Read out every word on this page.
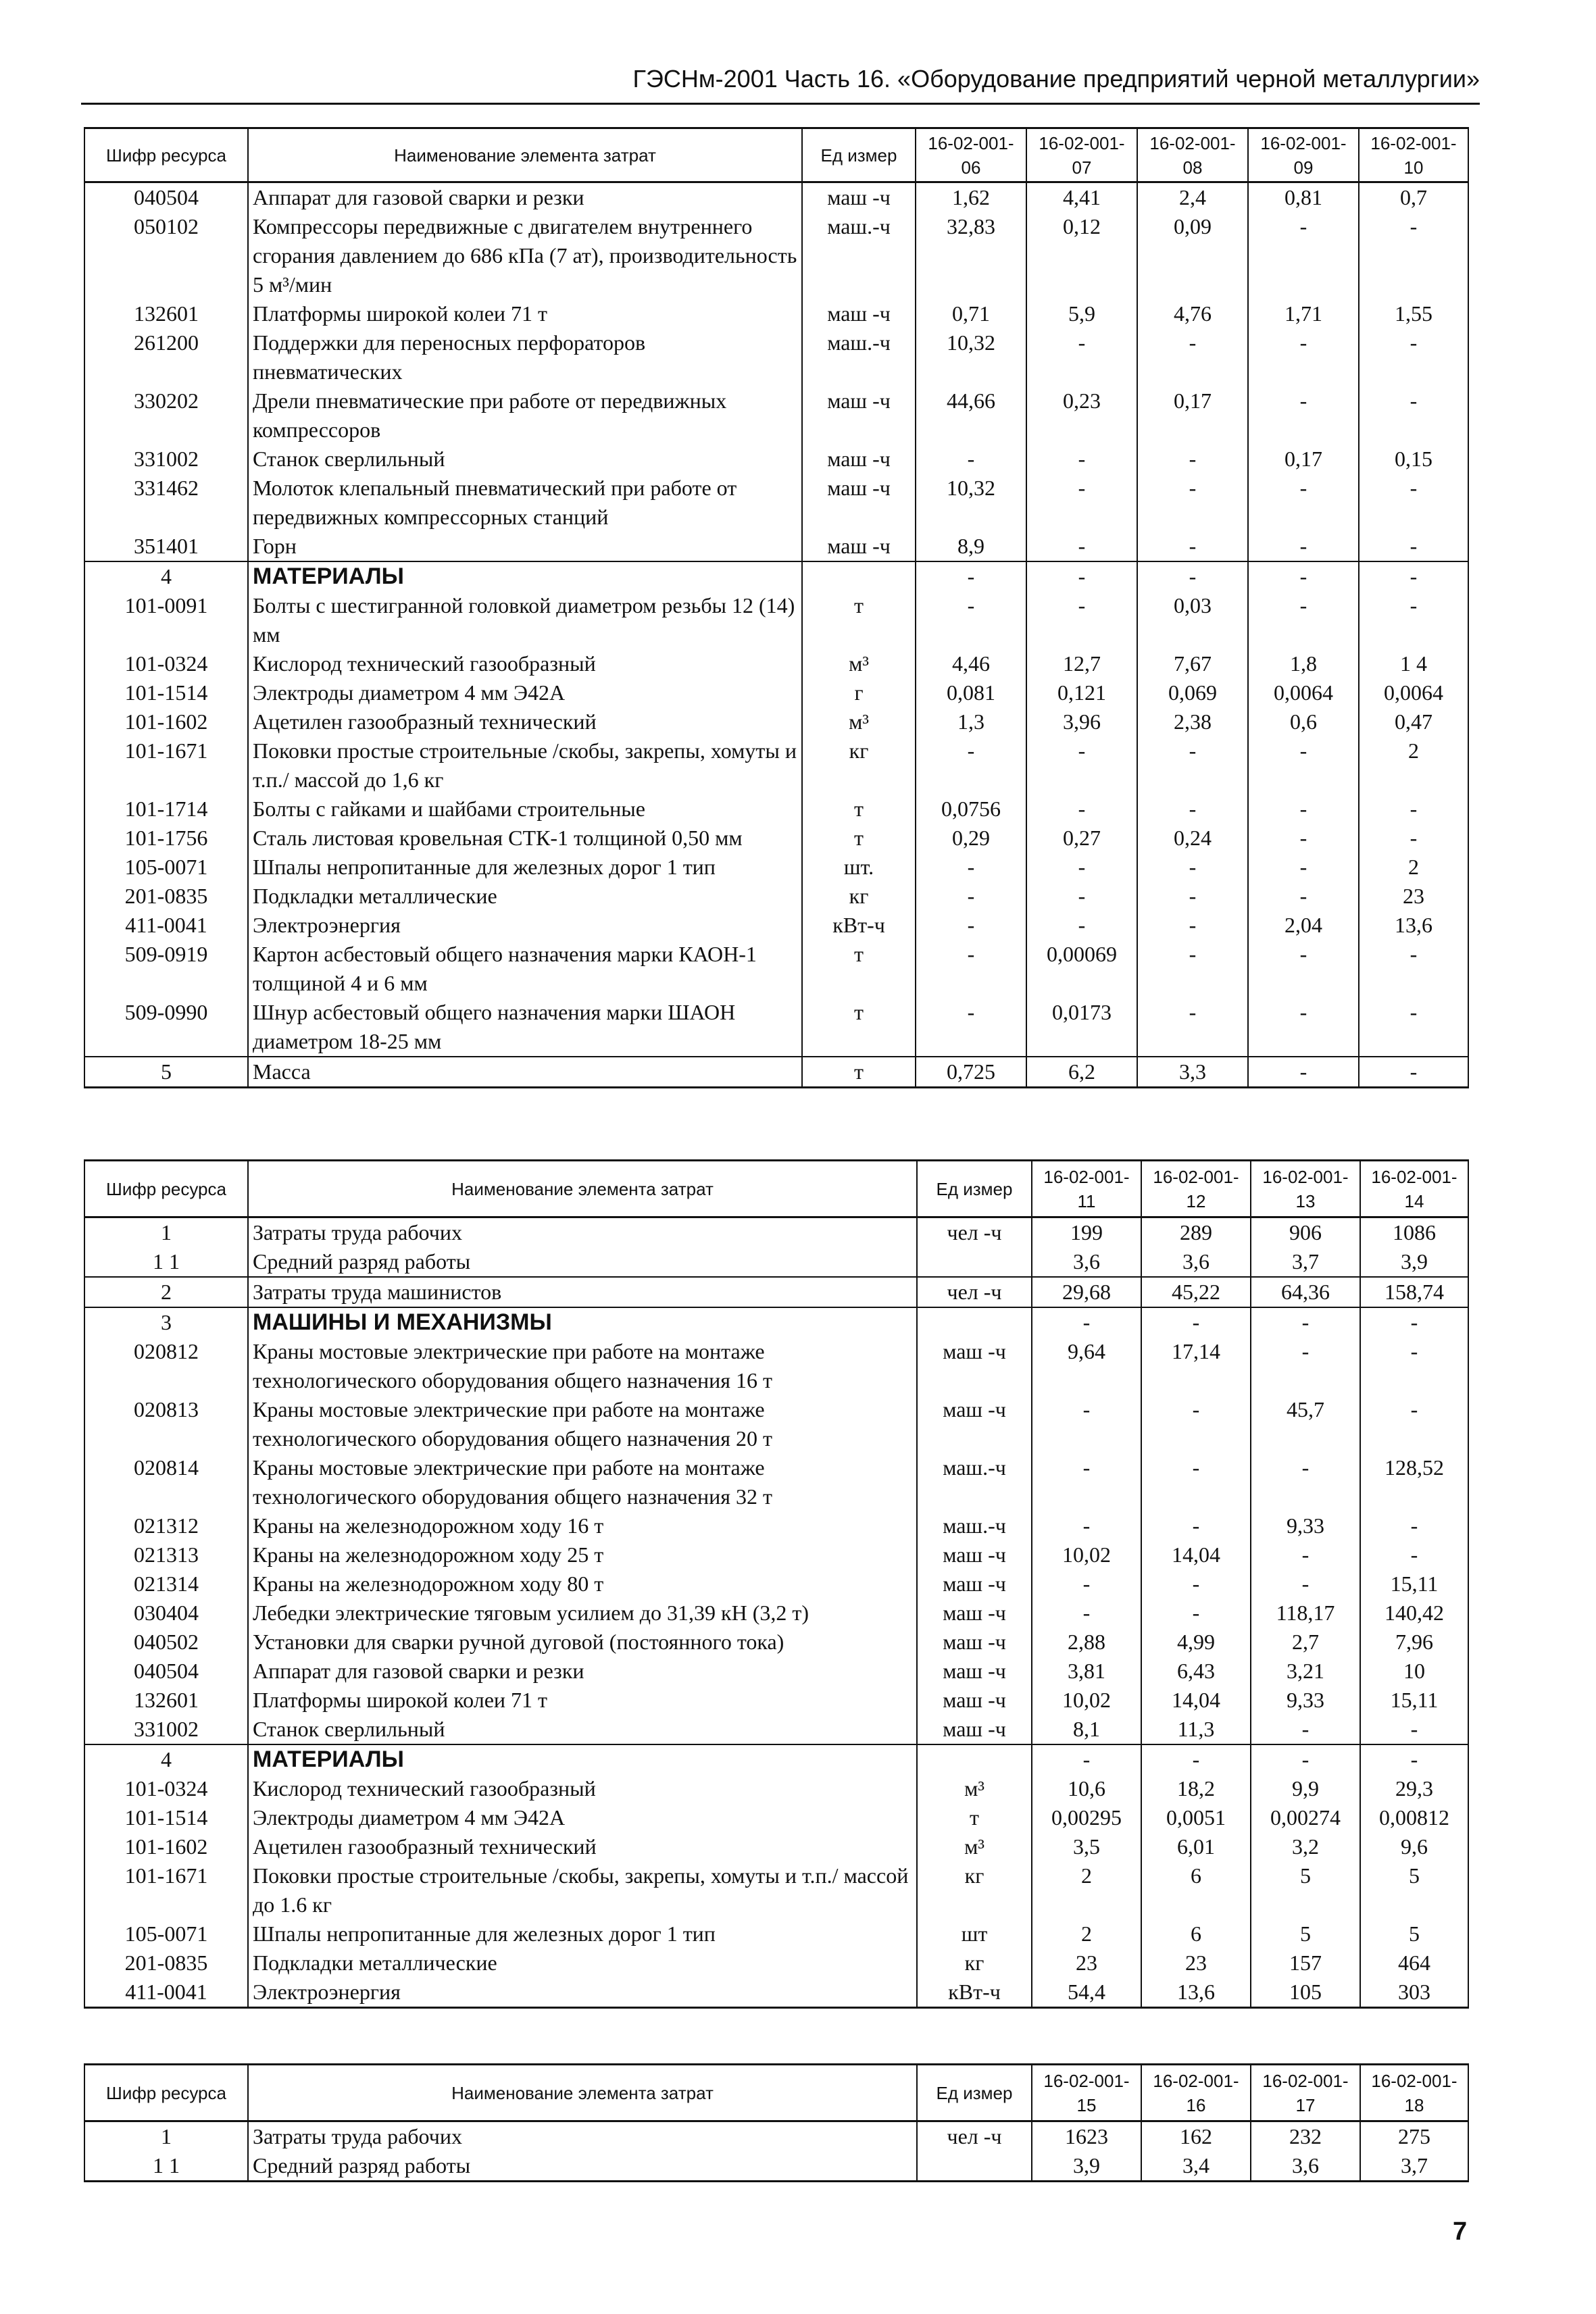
ГЭСНм-2001 Часть 16. «Оборудование предприятий черной металлургии»
Шифр ресурса	Наименование элемента затрат	Ед измер	16-02-001-06	16-02-001-07	16-02-001-08	16-02-001-09	16-02-001-10
040504	Аппарат для газовой сварки и резки	маш -ч	1,62	4,41	2,4	0,81	0,7
050102	Компрессоры передвижные с двигателем внутреннего сгорания давлением до 686 кПа (7 ат), производительность 5 м³/мин	маш.-ч	32,83	0,12	0,09	-	-
132601	Платформы широкой колеи 71 т	маш -ч	0,71	5,9	4,76	1,71	1,55
261200	Поддержки для переносных перфораторов пневматических	маш.-ч	10,32	-	-	-	-
330202	Дрели пневматические при работе от передвижных компрессоров	маш -ч	44,66	0,23	0,17	-	-
331002	Станок сверлильный	маш -ч	-	-	-	0,17	0,15
331462	Молоток клепальный пневматический при работе от передвижных компрессорных станций	маш -ч	10,32	-	-	-	-
351401	Горн	маш -ч	8,9	-	-	-	-
4	МАТЕРИАЛЫ		-	-	-	-	-
101-0091	Болты с шестигранной головкой диаметром резьбы 12 (14) мм	т	-	-	0,03	-	-
101-0324	Кислород технический газообразный	м³	4,46	12,7	7,67	1,8	1 4
101-1514	Электроды диаметром 4 мм Э42А	г	0,081	0,121	0,069	0,0064	0,0064
101-1602	Ацетилен газообразный технический	м³	1,3	3,96	2,38	0,6	0,47
101-1671	Поковки простые строительные /скобы, закрепы, хомуты и т.п./ массой до 1,6 кг	кг	-	-	-	-	2
101-1714	Болты с гайками и шайбами строительные	т	0,0756	-	-	-	-
101-1756	Сталь листовая кровельная СТК-1 толщиной 0,50 мм	т	0,29	0,27	0,24	-	-
105-0071	Шпалы непропитанные для железных дорог 1 тип	шт.	-	-	-	-	2
201-0835	Подкладки металлические	кг	-	-	-	-	23
411-0041	Электроэнергия	кВт-ч	-	-	-	2,04	13,6
509-0919	Картон асбестовый общего назначения марки КАОН-1 толщиной 4 и 6 мм	т	-	0,00069	-	-	-
509-0990	Шнур асбестовый общего назначения марки ШАОН диаметром 18-25 мм	т	-	0,0173	-	-	-
5	Масса	т	0,725	6,2	3,3	-	-
Шифр ресурса	Наименование элемента затрат	Ед измер	16-02-001-11	16-02-001-12	16-02-001-13	16-02-001-14
1	Затраты труда рабочих	чел -ч	199	289	906	1086
1 1	Средний разряд работы		3,6	3,6	3,7	3,9
2	Затраты труда машинистов	чел -ч	29,68	45,22	64,36	158,74
3	МАШИНЫ И МЕХАНИЗМЫ		-	-	-	-
020812	Краны мостовые электрические при работе на монтаже технологического оборудования общего назначения 16 т	маш -ч	9,64	17,14	-	-
020813	Краны мостовые электрические при работе на монтаже технологического оборудования общего назначения 20 т	маш -ч	-	-	45,7	-
020814	Краны мостовые электрические при работе на монтаже технологического оборудования общего назначения 32 т	маш.-ч	-	-	-	128,52
021312	Краны на железнодорожном ходу 16 т	маш.-ч	-	-	9,33	-
021313	Краны на железнодорожном ходу 25 т	маш -ч	10,02	14,04	-	-
021314	Краны на железнодорожном ходу 80 т	маш -ч	-	-	-	15,11
030404	Лебедки электрические тяговым усилием до 31,39 кН (3,2 т)	маш -ч	-	-	118,17	140,42
040502	Установки для сварки ручной дуговой (постоянного тока)	маш -ч	2,88	4,99	2,7	7,96
040504	Аппарат для газовой сварки и резки	маш -ч	3,81	6,43	3,21	10
132601	Платформы широкой колеи 71 т	маш -ч	10,02	14,04	9,33	15,11
331002	Станок сверлильный	маш -ч	8,1	11,3	-	-
4	МАТЕРИАЛЫ		-	-	-	-
101-0324	Кислород технический газообразный	м³	10,6	18,2	9,9	29,3
101-1514	Электроды диаметром 4 мм Э42А	т	0,00295	0,0051	0,00274	0,00812
101-1602	Ацетилен газообразный технический	м³	3,5	6,01	3,2	9,6
101-1671	Поковки простые строительные /скобы, закрепы, хомуты и т.п./ массой до 1.6 кг	кг	2	6	5	5
105-0071	Шпалы непропитанные для железных дорог 1 тип	шт	2	6	5	5
201-0835	Подкладки металлические	кг	23	23	157	464
411-0041	Электроэнергия	кВт-ч	54,4	13,6	105	303
Шифр ресурса	Наименование элемента затрат	Ед измер	16-02-001-15	16-02-001-16	16-02-001-17	16-02-001-18
1	Затраты труда рабочих	чел -ч	1623	162	232	275
1 1	Средний разряд работы		3,9	3,4	3,6	3,7
7
